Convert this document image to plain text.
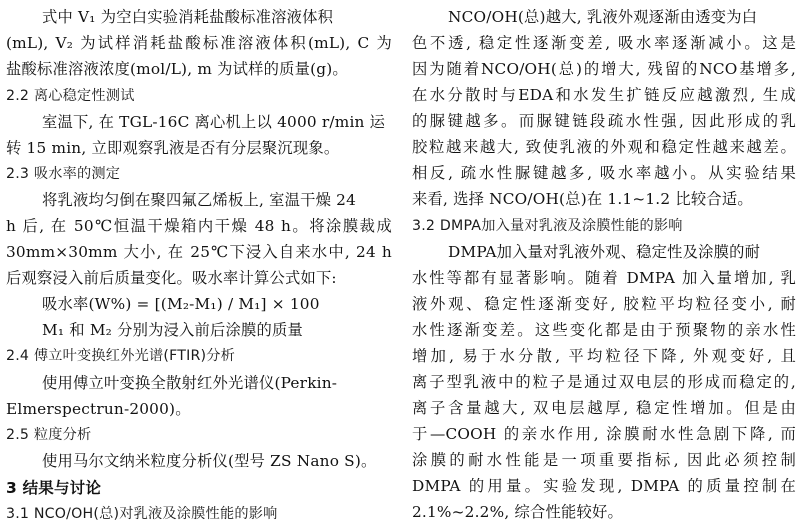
式中 V₁ 为空白实验消耗盐酸标准溶液体积
(mL), V₂ 为试样消耗盐酸标准溶液体积(mL), C 为
盐酸标准溶液浓度(mol/L), m 为试样的质量(g)。
2.2 离心稳定性测试
室温下, 在 TGL-16C 离心机上以 4000 r/min 运
转 15 min, 立即观察乳液是否有分层聚沉现象。
2.3 吸水率的测定
将乳液均匀倒在聚四氟乙烯板上, 室温干燥 24
h 后, 在 50℃恒温干燥箱内干燥 48 h。将涂膜裁成
30mm×30mm 大小, 在 25℃下浸入自来水中, 24 h
后观察浸入前后质量变化。吸水率计算公式如下:
吸水率(W%) = [(M₂-M₁) / M₁] × 100
M₁ 和 M₂ 分别为浸入前后涂膜的质量
2.4 傅立叶变换红外光谱(FTIR)分析
使用傅立叶变换全散射红外光谱仪(Perkin-
Elmerspectrun-2000)。
2.5 粒度分析
使用马尔文纳米粒度分析仪(型号 ZS Nano S)。
3 结果与讨论
3.1 NCO/OH(总)对乳液及涂膜性能的影响
NCO/OH(总)越大, 乳液外观逐渐由透变为白
色不透, 稳定性逐渐变差, 吸水率逐渐减小。这是
因为随着NCO/OH(总)的增大, 残留的NCO基增多,
在水分散时与EDA和水发生扩链反应越激烈, 生成
的脲键越多。而脲键链段疏水性强, 因此形成的乳
胶粒越来越大, 致使乳液的外观和稳定性越来越差。
相反, 疏水性脲键越多, 吸水率越小。从实验结果
来看, 选择 NCO/OH(总)在 1.1~1.2 比较合适。
3.2 DMPA加入量对乳液及涂膜性能的影响
DMPA加入量对乳液外观、稳定性及涂膜的耐
水性等都有显著影响。随着 DMPA 加入量增加, 乳
液外观、稳定性逐渐变好, 胶粒平均粒径变小, 耐
水性逐渐变差。这些变化都是由于预聚物的亲水性
增加, 易于水分散, 平均粒径下降, 外观变好, 且
离子型乳液中的粒子是通过双电层的形成而稳定的,
离子含量越大, 双电层越厚, 稳定性增加。但是由
于—COOH 的亲水作用, 涂膜耐水性急剧下降, 而
涂膜的耐水性能是一项重要指标, 因此必须控制
DMPA 的用量。实验发现, DMPA 的质量控制在
2.1%~2.2%, 综合性能较好。
